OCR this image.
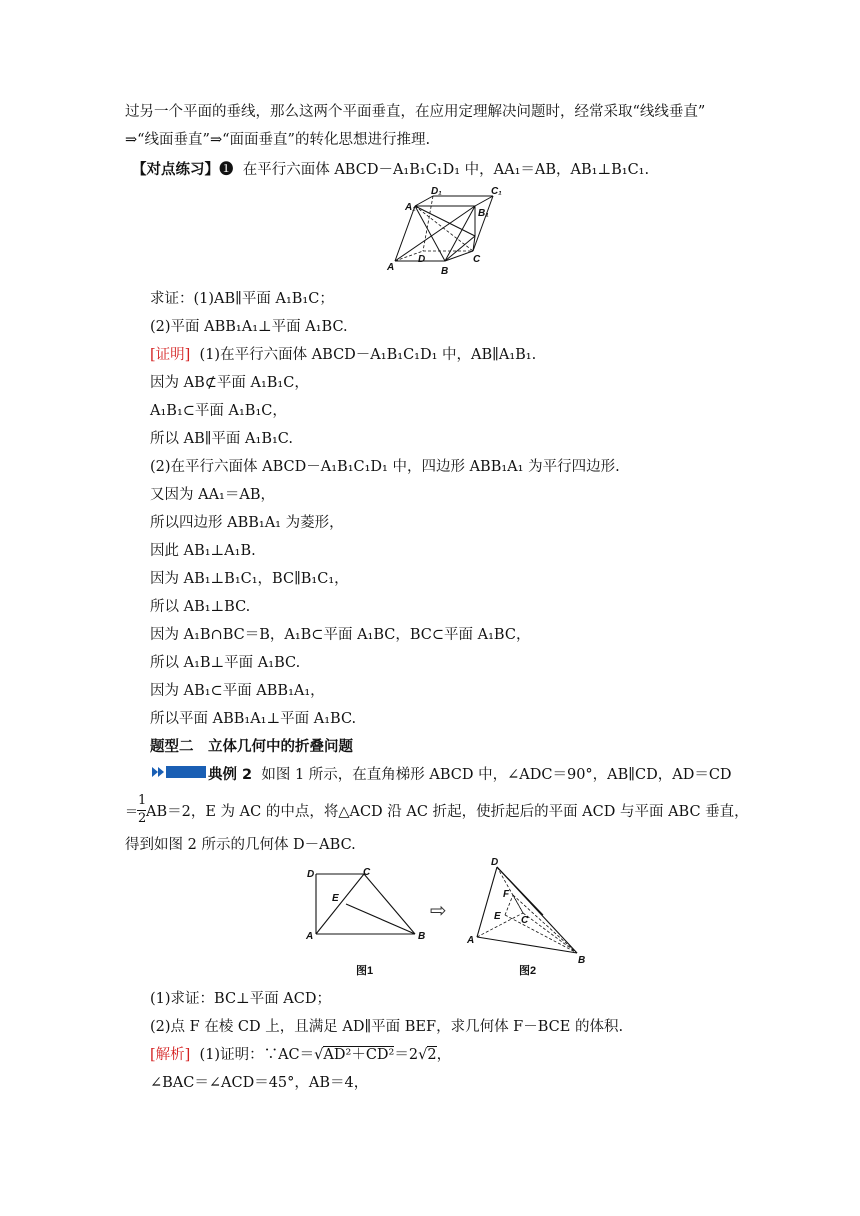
过另一个平面的垂线，那么这两个平面垂直，在应用定理解决问题时，经常采取“线线垂直”
⇒“线面垂直”⇒“面面垂直”的转化思想进行推理.
【对点练习】❶ 在平行六面体 ABCD－A₁B₁C₁D₁ 中，AA₁＝AB，AB₁⊥B₁C₁.
A₁
D₁	C₁
B₁
A
D
B
C
求证：(1)AB∥平面 A₁B₁C；
(2)平面 ABB₁A₁⊥平面 A₁BC.
[证明] (1)在平行六面体 ABCD－A₁B₁C₁D₁ 中，AB∥A₁B₁.
因为 AB⊄平面 A₁B₁C，
A₁B₁⊂平面 A₁B₁C，
所以 AB∥平面 A₁B₁C.
(2)在平行六面体 ABCD－A₁B₁C₁D₁ 中，四边形 ABB₁A₁ 为平行四边形.
又因为 AA₁＝AB，
所以四边形 ABB₁A₁ 为菱形，
因此 AB₁⊥A₁B.
因为 AB₁⊥B₁C₁，BC∥B₁C₁，
所以 AB₁⊥BC.
因为 A₁B∩BC＝B，A₁B⊂平面 A₁BC，BC⊂平面 A₁BC，
所以 A₁B⊥平面 A₁BC.
因为 AB₁⊂平面 ABB₁A₁，
所以平面 ABB₁A₁⊥平面 A₁BC.
题型二　立体几何中的折叠问题
典例 2 如图 1 所示，在直角梯形 ABCD 中，∠ADC＝90°，AB∥CD，AD＝CD
＝
1
2 AB＝2，E 为 AC 的中点，将△ACD 沿 AC 折起，使折起后的平面 ACD 与平面 ABC 垂直，
得到如图 2 所示的几何体 D－ABC.
D	C
E
A	B
图1
⇨
D
F
E C
A
B
图2
(1)求证：BC⊥平面 ACD；
(2)点 F 在棱 CD 上，且满足 AD∥平面 BEF，求几何体 F－BCE 的体积.
[解析] (1)证明：∵AC＝√AD²＋CD²＝2√2，
∠BAC＝∠ACD＝45°，AB＝4，
